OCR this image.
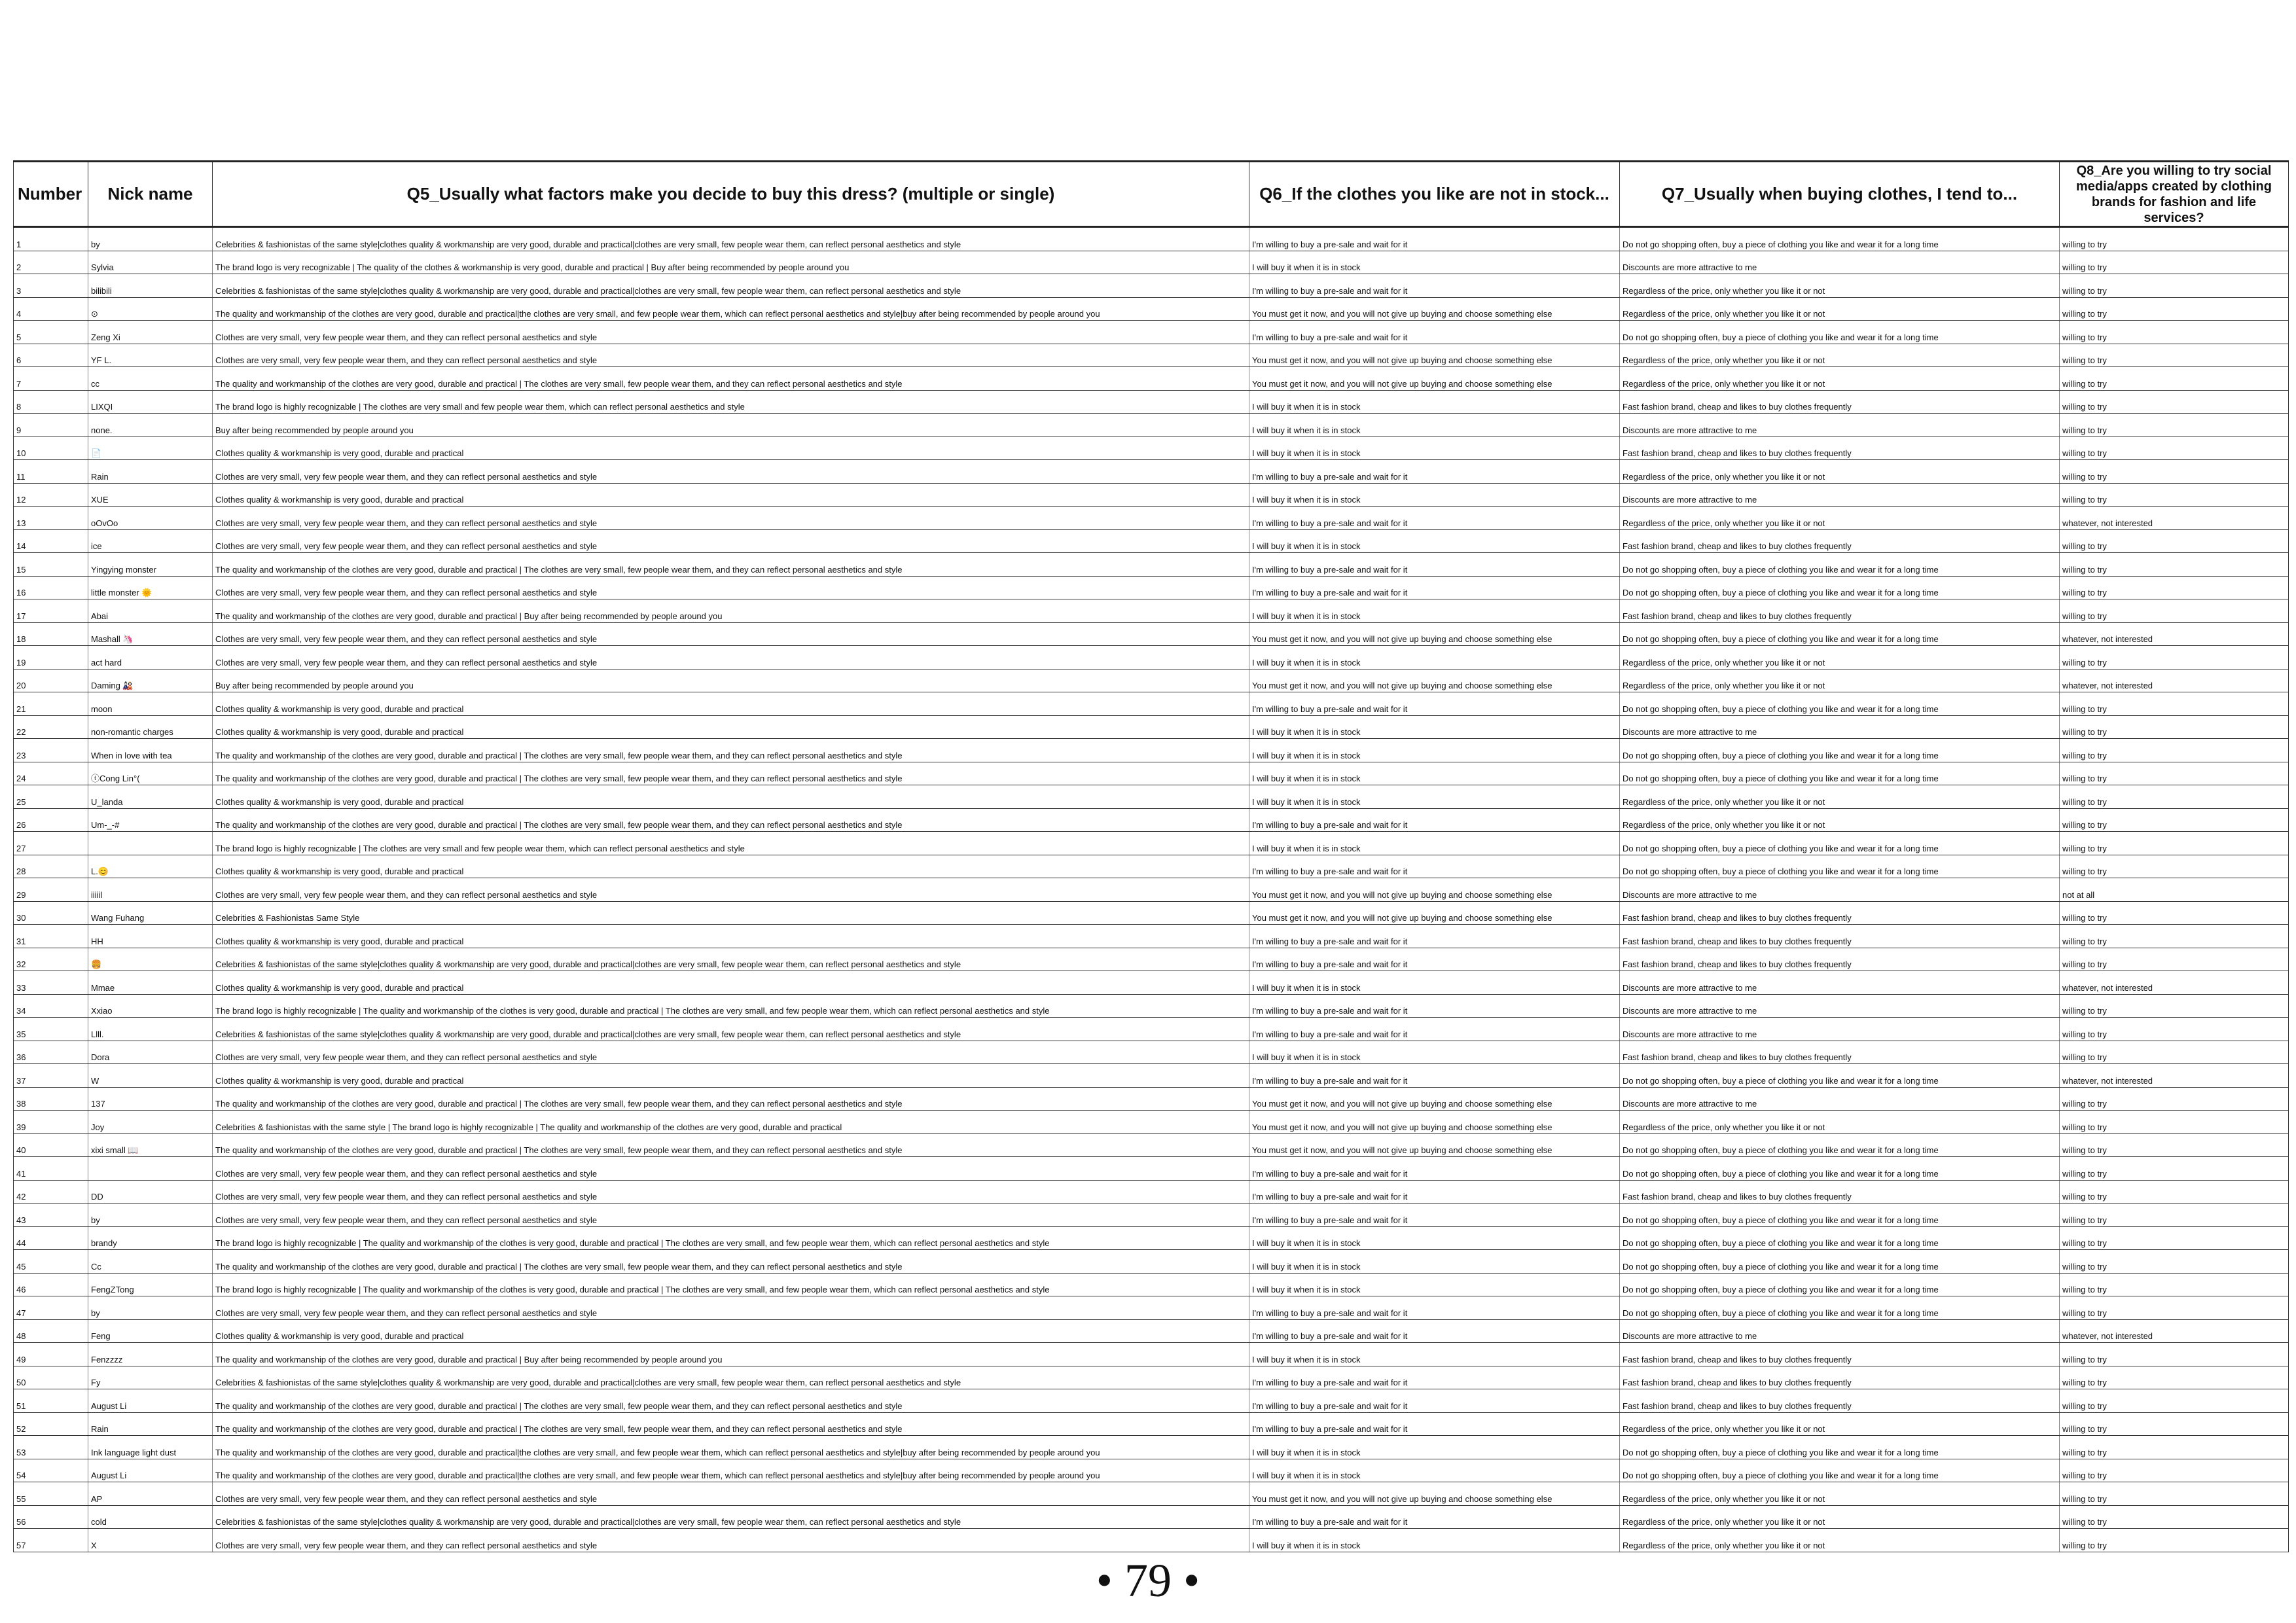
Number	Nick name	Q5_Usually what factors make you decide to buy this dress? (multiple or single)	Q6_If the clothes you like are not in stock...	Q7_Usually when buying clothes, I tend to...	Q8_Are you willing to try social media/apps created by clothing brands for fashion and life services?
1	by	Celebrities & fashionistas of the same style|clothes quality & workmanship are very good, durable and practical|clothes are very small, few people wear them, can reflect personal aesthetics and style	I'm willing to buy a pre-sale and wait for it	Do not go shopping often, buy a piece of clothing you like and wear it for a long time	willing to try
2	Sylvia	The brand logo is very recognizable | The quality of the clothes & workmanship is very good, durable and practical | Buy after being recommended by people around you	I will buy it when it is in stock	Discounts are more attractive to me	willing to try
3	bilibili	Celebrities & fashionistas of the same style|clothes quality & workmanship are very good, durable and practical|clothes are very small, few people wear them, can reflect personal aesthetics and style	I'm willing to buy a pre-sale and wait for it	Regardless of the price, only whether you like it or not	willing to try
4	⊙	The quality and workmanship of the clothes are very good, durable and practical|the clothes are very small, and few people wear them, which can reflect personal aesthetics and style|buy after being recommended by people around you	You must get it now, and you will not give up buying and choose something else	Regardless of the price, only whether you like it or not	willing to try
5	Zeng Xi	Clothes are very small, very few people wear them, and they can reflect personal aesthetics and style	I'm willing to buy a pre-sale and wait for it	Do not go shopping often, buy a piece of clothing you like and wear it for a long time	willing to try
6	YF L.	Clothes are very small, very few people wear them, and they can reflect personal aesthetics and style	You must get it now, and you will not give up buying and choose something else	Regardless of the price, only whether you like it or not	willing to try
7	cc	The quality and workmanship of the clothes are very good, durable and practical | The clothes are very small, few people wear them, and they can reflect personal aesthetics and style	You must get it now, and you will not give up buying and choose something else	Regardless of the price, only whether you like it or not	willing to try
8	LIXQI	The brand logo is highly recognizable | The clothes are very small and few people wear them, which can reflect personal aesthetics and style	I will buy it when it is in stock	Fast fashion brand, cheap and likes to buy clothes frequently	willing to try
9	none.	Buy after being recommended by people around you	I will buy it when it is in stock	Discounts are more attractive to me	willing to try
10	📄	Clothes quality & workmanship is very good, durable and practical	I will buy it when it is in stock	Fast fashion brand, cheap and likes to buy clothes frequently	willing to try
11	Rain	Clothes are very small, very few people wear them, and they can reflect personal aesthetics and style	I'm willing to buy a pre-sale and wait for it	Regardless of the price, only whether you like it or not	willing to try
12	XUE	Clothes quality & workmanship is very good, durable and practical	I will buy it when it is in stock	Discounts are more attractive to me	willing to try
13	oOvOo	Clothes are very small, very few people wear them, and they can reflect personal aesthetics and style	I'm willing to buy a pre-sale and wait for it	Regardless of the price, only whether you like it or not	whatever, not interested
14	ice	Clothes are very small, very few people wear them, and they can reflect personal aesthetics and style	I will buy it when it is in stock	Fast fashion brand, cheap and likes to buy clothes frequently	willing to try
15	Yingying monster	The quality and workmanship of the clothes are very good, durable and practical | The clothes are very small, few people wear them, and they can reflect personal aesthetics and style	I'm willing to buy a pre-sale and wait for it	Do not go shopping often, buy a piece of clothing you like and wear it for a long time	willing to try
16	little monster 🌞	Clothes are very small, very few people wear them, and they can reflect personal aesthetics and style	I'm willing to buy a pre-sale and wait for it	Do not go shopping often, buy a piece of clothing you like and wear it for a long time	willing to try
17	Abai	The quality and workmanship of the clothes are very good, durable and practical | Buy after being recommended by people around you	I will buy it when it is in stock	Fast fashion brand, cheap and likes to buy clothes frequently	willing to try
18	Mashall 🦄	Clothes are very small, very few people wear them, and they can reflect personal aesthetics and style	You must get it now, and you will not give up buying and choose something else	Do not go shopping often, buy a piece of clothing you like and wear it for a long time	whatever, not interested
19	act hard	Clothes are very small, very few people wear them, and they can reflect personal aesthetics and style	I will buy it when it is in stock	Regardless of the price, only whether you like it or not	willing to try
20	Daming 🎎	Buy after being recommended by people around you	You must get it now, and you will not give up buying and choose something else	Regardless of the price, only whether you like it or not	whatever, not interested
21	moon	Clothes quality & workmanship is very good, durable and practical	I'm willing to buy a pre-sale and wait for it	Do not go shopping often, buy a piece of clothing you like and wear it for a long time	willing to try
22	non-romantic charges	Clothes quality & workmanship is very good, durable and practical	I will buy it when it is in stock	Discounts are more attractive to me	willing to try
23	When in love with tea	The quality and workmanship of the clothes are very good, durable and practical | The clothes are very small, few people wear them, and they can reflect personal aesthetics and style	I will buy it when it is in stock	Do not go shopping often, buy a piece of clothing you like and wear it for a long time	willing to try
24	ⓣCong Lin°(	The quality and workmanship of the clothes are very good, durable and practical | The clothes are very small, few people wear them, and they can reflect personal aesthetics and style	I will buy it when it is in stock	Do not go shopping often, buy a piece of clothing you like and wear it for a long time	willing to try
25	U_landa	Clothes quality & workmanship is very good, durable and practical	I will buy it when it is in stock	Regardless of the price, only whether you like it or not	willing to try
26	Um-_-#	The quality and workmanship of the clothes are very good, durable and practical | The clothes are very small, few people wear them, and they can reflect personal aesthetics and style	I'm willing to buy a pre-sale and wait for it	Regardless of the price, only whether you like it or not	willing to try
27		The brand logo is highly recognizable | The clothes are very small and few people wear them, which can reflect personal aesthetics and style	I will buy it when it is in stock	Do not go shopping often, buy a piece of clothing you like and wear it for a long time	willing to try
28	L.😊	Clothes quality & workmanship is very good, durable and practical	I'm willing to buy a pre-sale and wait for it	Do not go shopping often, buy a piece of clothing you like and wear it for a long time	willing to try
29	iiiiil	Clothes are very small, very few people wear them, and they can reflect personal aesthetics and style	You must get it now, and you will not give up buying and choose something else	Discounts are more attractive to me	not at all
30	Wang Fuhang	Celebrities & Fashionistas Same Style	You must get it now, and you will not give up buying and choose something else	Fast fashion brand, cheap and likes to buy clothes frequently	willing to try
31	HH	Clothes quality & workmanship is very good, durable and practical	I'm willing to buy a pre-sale and wait for it	Fast fashion brand, cheap and likes to buy clothes frequently	willing to try
32	🍔	Celebrities & fashionistas of the same style|clothes quality & workmanship are very good, durable and practical|clothes are very small, few people wear them, can reflect personal aesthetics and style	I'm willing to buy a pre-sale and wait for it	Fast fashion brand, cheap and likes to buy clothes frequently	willing to try
33	Mmae	Clothes quality & workmanship is very good, durable and practical	I will buy it when it is in stock	Discounts are more attractive to me	whatever, not interested
34	Xxiao	The brand logo is highly recognizable | The quality and workmanship of the clothes is very good, durable and practical | The clothes are very small, and few people wear them, which can reflect personal aesthetics and style	I'm willing to buy a pre-sale and wait for it	Discounts are more attractive to me	willing to try
35	Llll.	Celebrities & fashionistas of the same style|clothes quality & workmanship are very good, durable and practical|clothes are very small, few people wear them, can reflect personal aesthetics and style	I'm willing to buy a pre-sale and wait for it	Discounts are more attractive to me	willing to try
36	Dora	Clothes are very small, very few people wear them, and they can reflect personal aesthetics and style	I will buy it when it is in stock	Fast fashion brand, cheap and likes to buy clothes frequently	willing to try
37	W	Clothes quality & workmanship is very good, durable and practical	I'm willing to buy a pre-sale and wait for it	Do not go shopping often, buy a piece of clothing you like and wear it for a long time	whatever, not interested
38	137	The quality and workmanship of the clothes are very good, durable and practical | The clothes are very small, few people wear them, and they can reflect personal aesthetics and style	You must get it now, and you will not give up buying and choose something else	Discounts are more attractive to me	willing to try
39	Joy	Celebrities & fashionistas with the same style | The brand logo is highly recognizable | The quality and workmanship of the clothes are very good, durable and practical	You must get it now, and you will not give up buying and choose something else	Regardless of the price, only whether you like it or not	willing to try
40	xixi small 📖	The quality and workmanship of the clothes are very good, durable and practical | The clothes are very small, few people wear them, and they can reflect personal aesthetics and style	You must get it now, and you will not give up buying and choose something else	Do not go shopping often, buy a piece of clothing you like and wear it for a long time	willing to try
41		Clothes are very small, very few people wear them, and they can reflect personal aesthetics and style	I'm willing to buy a pre-sale and wait for it	Do not go shopping often, buy a piece of clothing you like and wear it for a long time	willing to try
42	DD	Clothes are very small, very few people wear them, and they can reflect personal aesthetics and style	I'm willing to buy a pre-sale and wait for it	Fast fashion brand, cheap and likes to buy clothes frequently	willing to try
43	by	Clothes are very small, very few people wear them, and they can reflect personal aesthetics and style	I'm willing to buy a pre-sale and wait for it	Do not go shopping often, buy a piece of clothing you like and wear it for a long time	willing to try
44	brandy	The brand logo is highly recognizable | The quality and workmanship of the clothes is very good, durable and practical | The clothes are very small, and few people wear them, which can reflect personal aesthetics and style	I will buy it when it is in stock	Do not go shopping often, buy a piece of clothing you like and wear it for a long time	willing to try
45	Cc	The quality and workmanship of the clothes are very good, durable and practical | The clothes are very small, few people wear them, and they can reflect personal aesthetics and style	I will buy it when it is in stock	Do not go shopping often, buy a piece of clothing you like and wear it for a long time	willing to try
46	FengZTong	The brand logo is highly recognizable | The quality and workmanship of the clothes is very good, durable and practical | The clothes are very small, and few people wear them, which can reflect personal aesthetics and style	I will buy it when it is in stock	Do not go shopping often, buy a piece of clothing you like and wear it for a long time	willing to try
47	by	Clothes are very small, very few people wear them, and they can reflect personal aesthetics and style	I'm willing to buy a pre-sale and wait for it	Do not go shopping often, buy a piece of clothing you like and wear it for a long time	willing to try
48	Feng	Clothes quality & workmanship is very good, durable and practical	I'm willing to buy a pre-sale and wait for it	Discounts are more attractive to me	whatever, not interested
49	Fenzzzz	The quality and workmanship of the clothes are very good, durable and practical | Buy after being recommended by people around you	I will buy it when it is in stock	Fast fashion brand, cheap and likes to buy clothes frequently	willing to try
50	Fy	Celebrities & fashionistas of the same style|clothes quality & workmanship are very good, durable and practical|clothes are very small, few people wear them, can reflect personal aesthetics and style	I'm willing to buy a pre-sale and wait for it	Fast fashion brand, cheap and likes to buy clothes frequently	willing to try
51	August Li	The quality and workmanship of the clothes are very good, durable and practical | The clothes are very small, few people wear them, and they can reflect personal aesthetics and style	I'm willing to buy a pre-sale and wait for it	Fast fashion brand, cheap and likes to buy clothes frequently	willing to try
52	Rain	The quality and workmanship of the clothes are very good, durable and practical | The clothes are very small, few people wear them, and they can reflect personal aesthetics and style	I'm willing to buy a pre-sale and wait for it	Regardless of the price, only whether you like it or not	willing to try
53	Ink language light dust	The quality and workmanship of the clothes are very good, durable and practical|the clothes are very small, and few people wear them, which can reflect personal aesthetics and style|buy after being recommended by people around you	I will buy it when it is in stock	Do not go shopping often, buy a piece of clothing you like and wear it for a long time	willing to try
54	August Li	The quality and workmanship of the clothes are very good, durable and practical|the clothes are very small, and few people wear them, which can reflect personal aesthetics and style|buy after being recommended by people around you	I will buy it when it is in stock	Do not go shopping often, buy a piece of clothing you like and wear it for a long time	willing to try
55	AP	Clothes are very small, very few people wear them, and they can reflect personal aesthetics and style	You must get it now, and you will not give up buying and choose something else	Regardless of the price, only whether you like it or not	willing to try
56	cold	Celebrities & fashionistas of the same style|clothes quality & workmanship are very good, durable and practical|clothes are very small, few people wear them, can reflect personal aesthetics and style	I'm willing to buy a pre-sale and wait for it	Regardless of the price, only whether you like it or not	willing to try
57	X	Clothes are very small, very few people wear them, and they can reflect personal aesthetics and style	I will buy it when it is in stock	Regardless of the price, only whether you like it or not	willing to try
• 79 •
